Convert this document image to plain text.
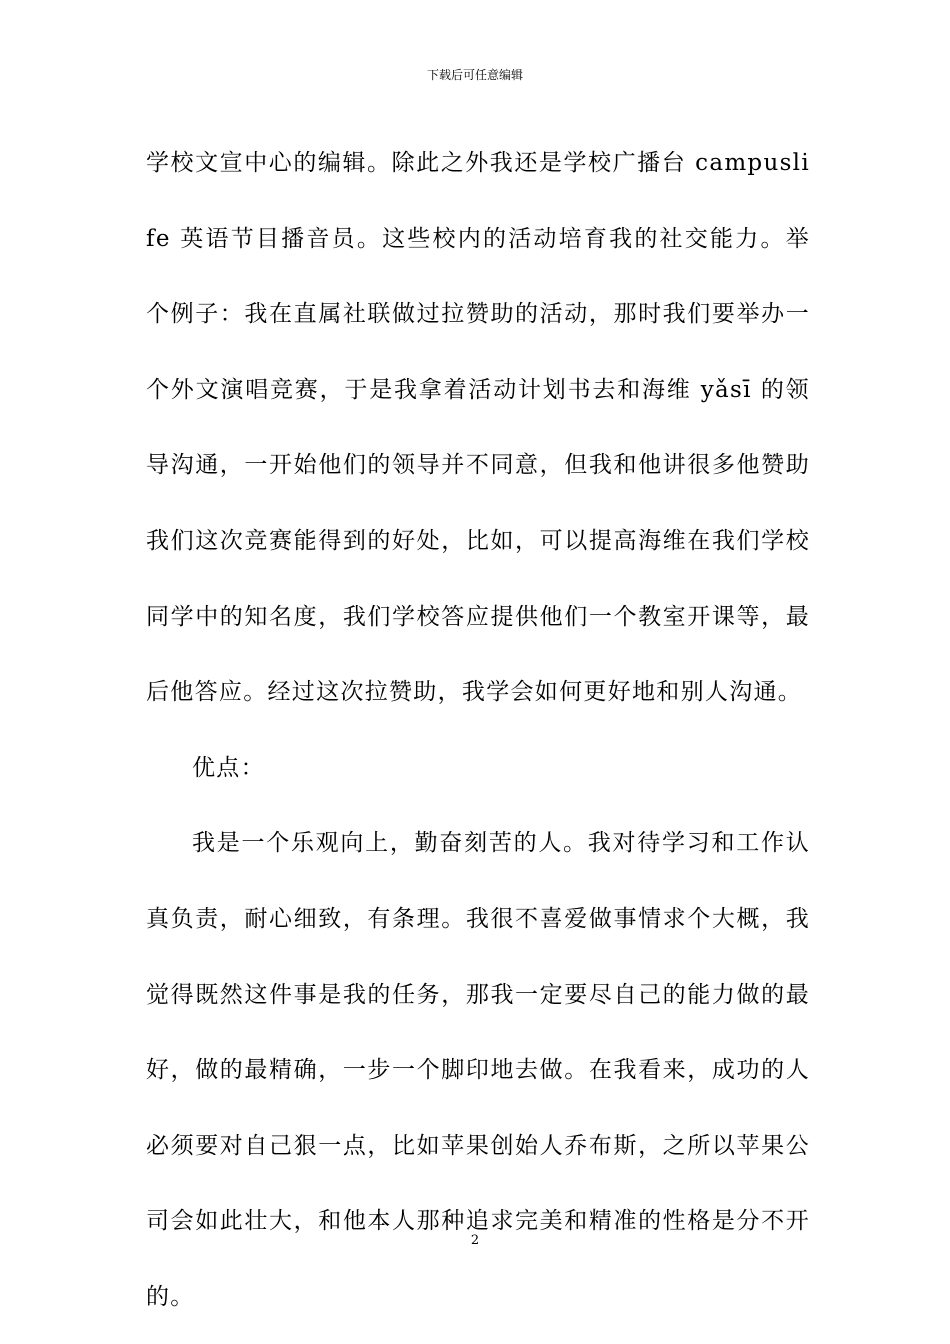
下载后可任意编辑

学校文宣中心的编辑。除此之外我还是学校广播台 campuslife 英语节目播音员。这些校内的活动培育我的社交能力。举个例子：我在直属社联做过拉赞助的活动，那时我们要举办一个外文演唱竞赛，于是我拿着活动计划书去和海维 yǎsī 的领导沟通，一开始他们的领导并不同意，但我和他讲很多他赞助我们这次竞赛能得到的好处，比如，可以提高海维在我们学校同学中的知名度，我们学校答应提供他们一个教室开课等，最后他答应。经过这次拉赞助，我学会如何更好地和别人沟通。

优点：

我是一个乐观向上，勤奋刻苦的人。我对待学习和工作认真负责，耐心细致，有条理。我很不喜爱做事情求个大概，我觉得既然这件事是我的任务，那我一定要尽自己的能力做的最好，做的最精确，一步一个脚印地去做。在我看来，成功的人必须要对自己狠一点，比如苹果创始人乔布斯，之所以苹果公司会如此壮大，和他本人那种追求完美和精准的性格是分不开的。

2
